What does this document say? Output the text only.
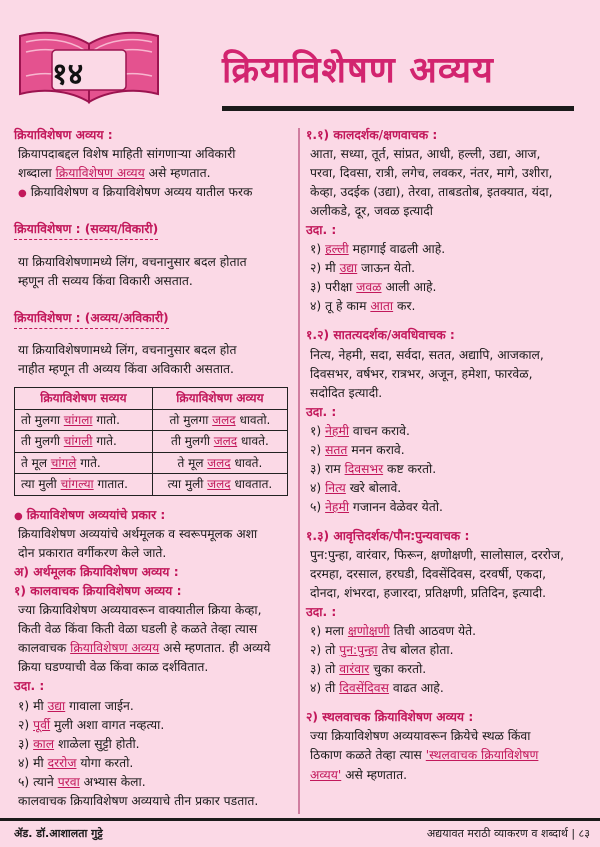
१४	क्रियाविशेषण अव्यय

क्रियाविशेषण अव्यय :

क्रियापदाबद्दल विशेष माहिती सांगणाऱ्या अविकारी

शब्दाला क्रियाविशेषण अव्यय असे म्हणतात.

● क्रियाविशेषण व क्रियाविशेषण अव्यय यातील फरक

क्रियाविशेषण : (सव्यय/विकारी)

या क्रियाविशेषणामध्ये लिंग, वचनानुसार बदल होतात

म्हणून ती सव्यय किंवा विकारी असतात.

क्रियाविशेषण : (अव्यय/अविकारी)

या क्रियाविशेषणामध्ये लिंग, वचनानुसार बदल होत

नाहीत म्हणून ती अव्यय किंवा अविकारी असतात.

क्रियाविशेषण सव्यय	क्रियाविशेषण अव्यय
तो मुलगा चांगला गातो.	तो मुलगा जलद धावतो.
ती मुलगी चांगली गाते.	ती मुलगी जलद धावते.
ते मूल चांगले गाते.	ते मूल जलद धावते.
त्या मुली चांगल्या गातात.	त्या मुली जलद धावतात.

● क्रियाविशेषण अव्ययांचे प्रकार :

क्रियाविशेषण अव्ययांचे अर्थमूलक व स्वरूपमूलक अशा

दोन प्रकारात वर्गीकरण केले जाते.

अ) अर्थमूलक क्रियाविशेषण अव्यय :

१) कालवाचक क्रियाविशेषण अव्यय :

ज्या क्रियाविशेषण अव्ययावरून वाक्यातील क्रिया केव्हा,

किती वेळ किंवा किती वेळा घडली हे कळते तेव्हा त्यास

कालवाचक क्रियाविशेषण अव्यय असे म्हणतात. ही अव्यये

क्रिया घडण्याची वेळ किंवा काळ दर्शवितात.

उदा. :

१) मी उद्या गावाला जाईन.

२) पूर्वी मुली अशा वागत नव्हत्या.

३) काल शाळेला सुट्टी होती.

४) मी दररोज योगा करतो.

५) त्याने परवा अभ्यास केला.

कालवाचक क्रियाविशेषण अव्ययाचे तीन प्रकार पडतात.

१.१) कालदर्शक/क्षणवाचक :

आता, सध्या, तूर्त, सांप्रत, आधी, हल्ली, उद्या, आज,

परवा, दिवसा, रात्री, लगेच, लवकर, नंतर, मागे, उशीरा,

केव्हा, उदईक (उद्या), तेरवा, ताबडतोब, इतक्यात, यंदा,

अलीकडे, दूर, जवळ इत्यादी

उदा. :

१) हल्ली महागाई वाढली आहे.

२) मी उद्या जाऊन येतो.

३) परीक्षा जवळ आली आहे.

४) तू हे काम आता कर.

१.२) सातत्यदर्शक/अवधिवाचक :

नित्य, नेहमी, सदा, सर्वदा, सतत, अद्यापि, आजकाल,

दिवसभर, वर्षभर, रात्रभर, अजून, हमेशा, फारवेळ,

सदोदित इत्यादी.

उदा. :

१) नेहमी वाचन करावे.

२) सतत मनन करावे.

३) राम दिवसभर कष्ट करतो.

४) नित्य खरे बोलावे.

५) नेहमी गजानन वेळेवर येतो.

१.३) आवृत्तिदर्शक/पौन:पुन्यवाचक :

पुन:पुन्हा, वारंवार, फिरून, क्षणोक्षणी, सालोसाल, दररोज,

दरमहा, दरसाल, हरघडी, दिवसेंदिवस, दरवर्षी, एकदा,

दोनदा, शंभरदा, हजारदा, प्रतिक्षणी, प्रतिदिन, इत्यादी.

उदा. :

१) मला क्षणोक्षणी तिची आठवण येते.

२) तो पुन:पुन्हा तेच बोलत होता.

३) तो वारंवार चुका करतो.

४) ती दिवसेंदिवस वाढत आहे.

२) स्थलवाचक क्रियाविशेषण अव्यय :

ज्या क्रियाविशेषण अव्ययावरून क्रियेचे स्थळ किंवा

ठिकाण कळते तेव्हा त्यास 'स्थलवाचक क्रियाविशेषण

अव्यय' असे म्हणतात.

ॲड. डॉ.आशालता गुट्टे	अद्ययावत मराठी व्याकरण व शब्दार्थ | ८३
